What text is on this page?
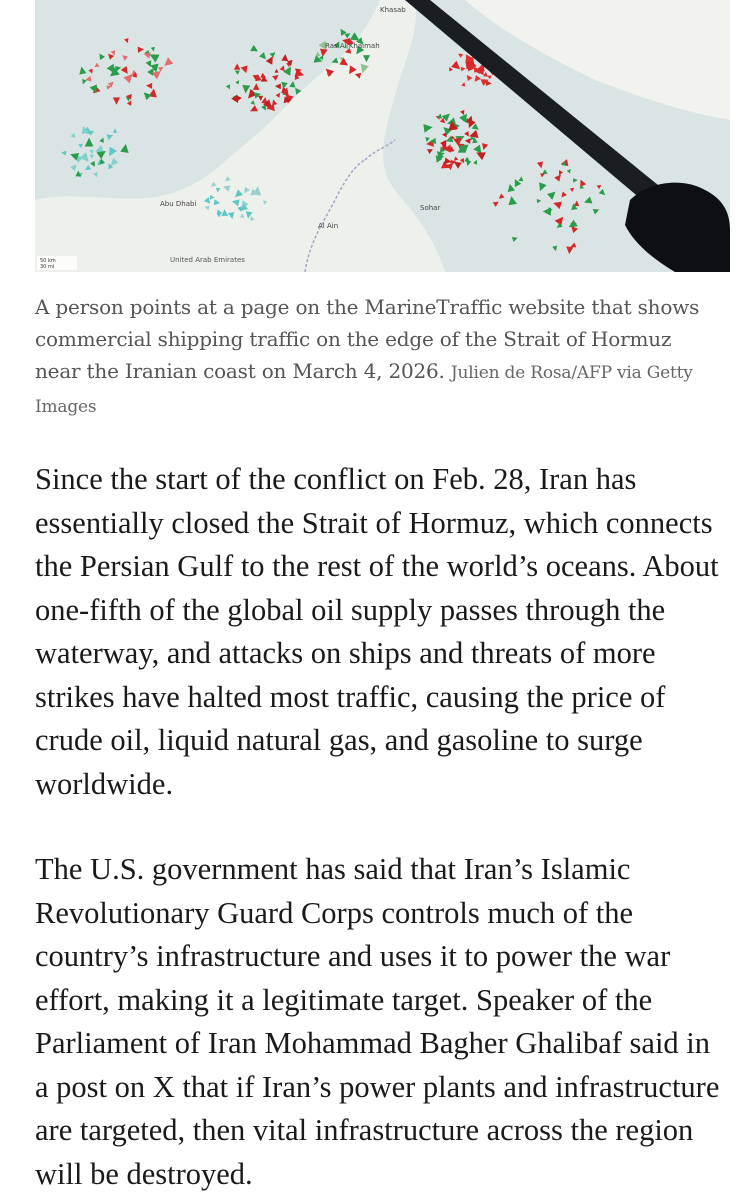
Khasab
Ras Al Khaimah
Abu Dhabi
Al Ain
Sohar
United Arab Emirates
50 km
30 mi
A person points at a page on the MarineTraffic website that shows commercial shipping traffic on the edge of the Strait of Hormuz near the Iranian coast on March 4, 2026. Julien de Rosa/AFP via Getty Images

Since the start of the conflict on Feb. 28, Iran has essentially closed the Strait of Hormuz, which connects the Persian Gulf to the rest of the world’s oceans. About one-fifth of the global oil supply passes through the waterway, and attacks on ships and threats of more strikes have halted most traffic, causing the price of crude oil, liquid natural gas, and gasoline to surge worldwide.

The U.S. government has said that Iran’s Islamic Revolutionary Guard Corps controls much of the country’s infrastructure and uses it to power the war effort, making it a legitimate target. Speaker of the Parliament of Iran Mohammad Bagher Ghalibaf said in a post on X that if Iran’s power plants and infrastructure are targeted, then vital infrastructure across the region will be destroyed.
